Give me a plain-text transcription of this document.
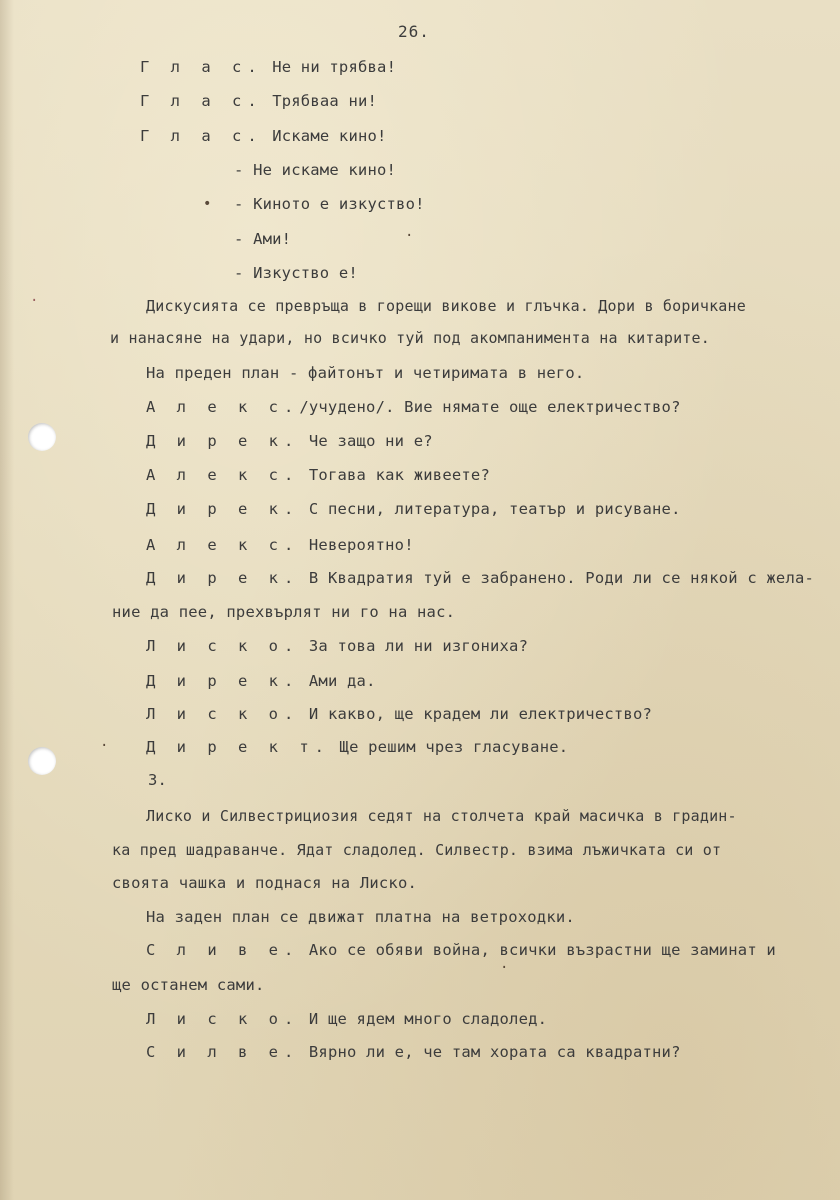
26.
Г л а с. Не ни трябва!
Г л а с. Трябваа ни!
Г л а с. Искаме кино!
- Не искаме кино!
- Киното е изкуство!
- Ами!
- Изкуство е!
Дискусията се превръща в горещи викове и глъчка. Дори в боричкане
и нанасяне на удари, но всичко туй под акомпанимента на китарите.
На преден план - файтонът и четиримата в него.
А л е к с./учудено/. Вие нямате още електричество?
Д и р е к. Че защо ни е?
А л е к с. Тогава как живеете?
Д и р е к. С песни, литература, театър и рисуване.
А л е к с. Невероятно!
Д и р е к. В Квадратия туй е забранено. Роди ли се някой с жела-
ние да пее, прехвърлят ни го на нас.
Л и с к о. За това ли ни изгониха?
Д и р е к. Ами да.
Л и с к о. И какво, ще крадем ли електричество?
Д и р е к т. Ще решим чрез гласуване.
3.
Лиско и Силвестрициозия седят на столчета край масичка в градин-
ка пред шадраванче. Ядат сладолед. Силвестр. взима лъжичката си от
своята чашка и поднася на Лиско.
На заден план се движат платна на ветроходки.
С л и в е. Ако се обяви война, всички възрастни ще заминат и
ще останем сами.
Л и с к о. И ще ядем много сладолед.
С и л в е. Вярно ли е, че там хората са квадратни?
•
·
·
·
·
